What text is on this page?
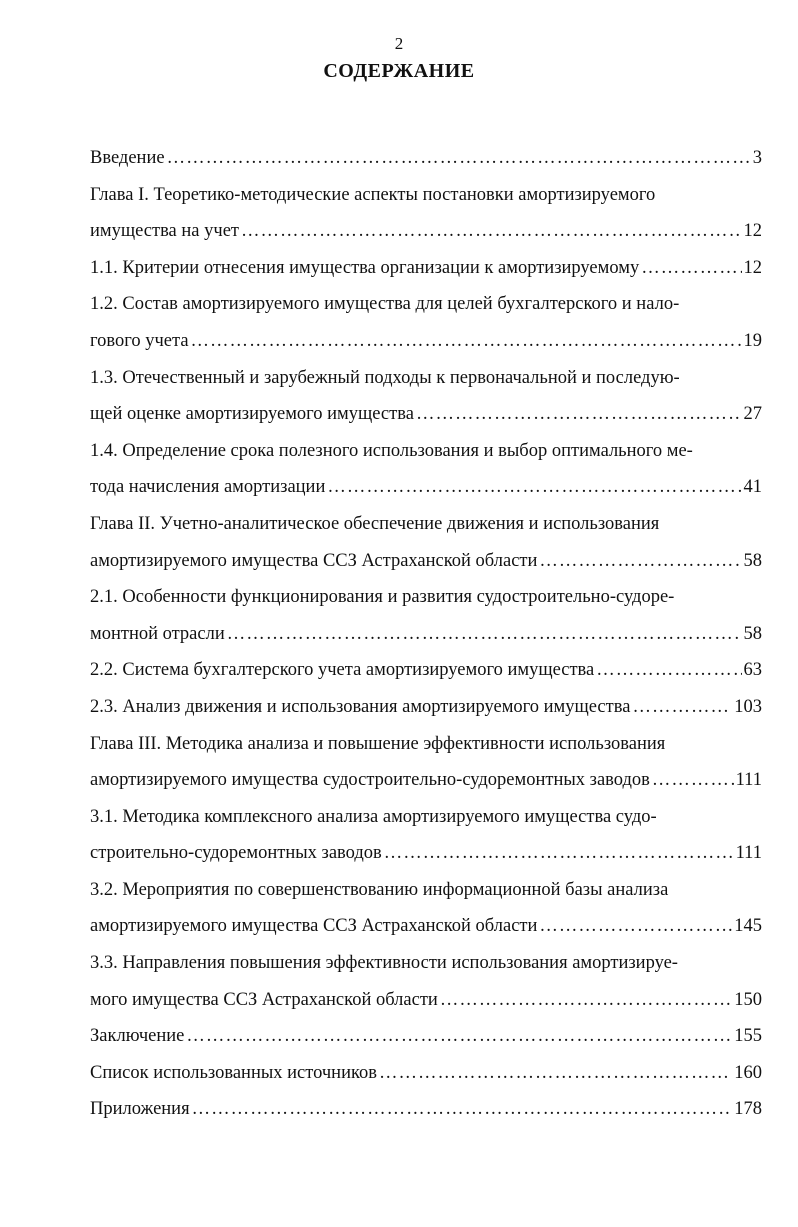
2
СОДЕРЖАНИЕ
Введение ………………………………………………………………………………………………………………………………………………	3
Глава I. Теоретико-методические аспекты постановки амортизируемого
имущества на учет ………………………………………………………………………………………………………………………………………………	12
1.1. Критерии отнесения имущества организации к амортизируемому ………………………………………………………………………………………………………………………………………………	12
1.2. Состав амортизируемого имущества для целей бухгалтерского и нало-
гового учета ………………………………………………………………………………………………………………………………………………	19
1.3. Отечественный и зарубежный подходы к первоначальной и последую-
щей оценке амортизируемого имущества ………………………………………………………………………………………………………………………………………………	27
1.4. Определение срока полезного использования и выбор оптимального ме-
тода начисления амортизации ………………………………………………………………………………………………………………………………………………	41
Глава II. Учетно-аналитическое обеспечение движения и использования
амортизируемого имущества ССЗ Астраханской области ………………………………………………………………………………………………………………………………………………	58
2.1. Особенности функционирования и развития судостроительно-судоре-
монтной отрасли ………………………………………………………………………………………………………………………………………………	58
2.2. Система бухгалтерского учета амортизируемого имущества ………………………………………………………………………………………………………………………………………………	63
2.3. Анализ движения и использования амортизируемого имущества ………………………………………………………………………………………………………………………………………………	103
Глава III. Методика анализа и повышение эффективности использования
амортизируемого имущества судостроительно-судоремонтных заводов ………………………………………………………………………………………………………………………………………………	111
3.1. Методика комплексного анализа амортизируемого имущества судо-
строительно-судоремонтных заводов ………………………………………………………………………………………………………………………………………………	111
3.2. Мероприятия по совершенствованию информационной базы анализа
амортизируемого имущества ССЗ Астраханской области ………………………………………………………………………………………………………………………………………………	145
3.3. Направления повышения эффективности использования амортизируе-
мого имущества ССЗ Астраханской области ………………………………………………………………………………………………………………………………………………	150
Заключение ………………………………………………………………………………………………………………………………………………	155
Список использованных источников ………………………………………………………………………………………………………………………………………………	160
Приложения ………………………………………………………………………………………………………………………………………………	178
